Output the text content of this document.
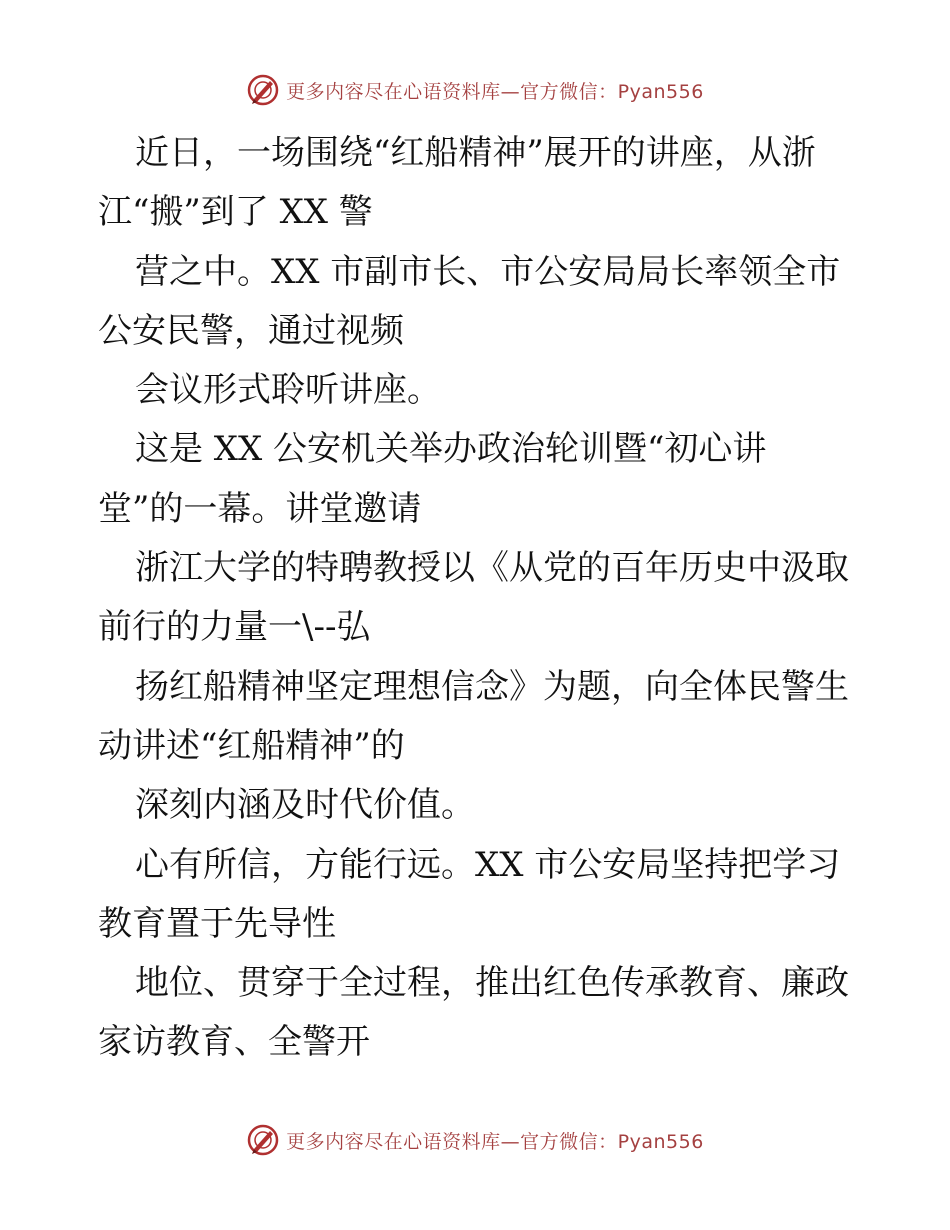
更多内容尽在心语资料库—官方微信：Pyan556
近日，一场围绕“红船精神”展开的讲座，从浙
江“搬”到了 XX 警
营之中。XX 市副市长、市公安局局长率领全市
公安民警，通过视频
会议形式聆听讲座。
这是 XX 公安机关举办政治轮训暨“初心讲
堂”的一幕。讲堂邀请
浙江大学的特聘教授以《从党的百年历史中汲取
前行的力量一\--弘
扬红船精神坚定理想信念》为题，向全体民警生
动讲述“红船精神”的
深刻内涵及时代价值。
心有所信，方能行远。XX 市公安局坚持把学习
教育置于先导性
地位、贯穿于全过程，推出红色传承教育、廉政
家访教育、全警开
更多内容尽在心语资料库—官方微信：Pyan556
